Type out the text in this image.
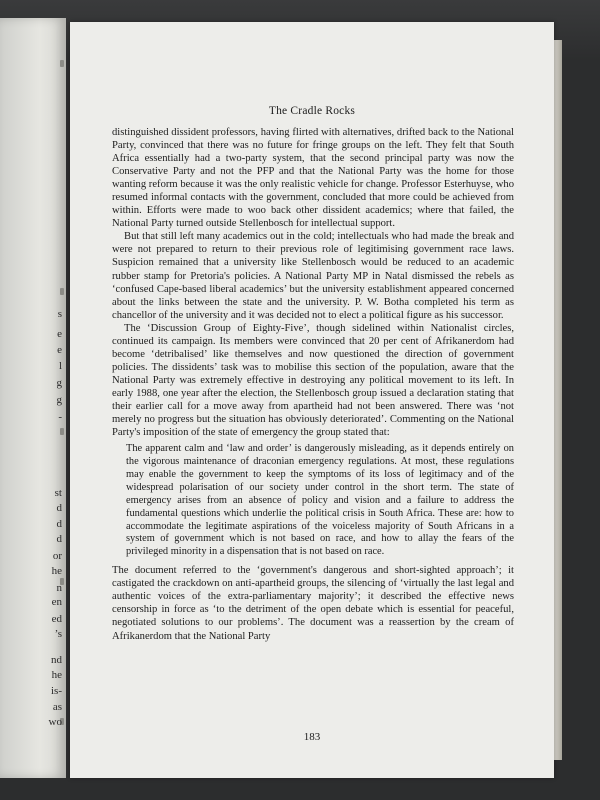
s
e
e
l
g
g
-
st
d
d
d
or
he
n
en
ed
’s
nd
he
is-
as
wo
The Cradle Rocks

distinguished dissident professors, having flirted with alternatives, drifted back to the National Party, convinced that there was no future for fringe groups on the left. They felt that South Africa essentially had a two-party system, that the second principal party was now the Conservative Party and not the PFP and that the National Party was the home for those wanting reform because it was the only realistic vehicle for change. Professor Esterhuyse, who resumed informal contacts with the government, concluded that more could be achieved from within. Efforts were made to woo back other dissident academics; where that failed, the National Party turned outside Stellenbosch for intellectual support.

But that still left many academics out in the cold; intellectuals who had made the break and were not prepared to return to their previous role of legitimising government race laws. Suspicion remained that a university like Stellenbosch would be reduced to an academic rubber stamp for Pretoria's policies. A National Party MP in Natal dismissed the rebels as ‘confused Cape-based liberal academics’ but the university establishment appeared concerned about the links between the state and the university. P. W. Botha completed his term as chancellor of the university and it was decided not to elect a political figure as his successor.

The ‘Discussion Group of Eighty-Five’, though sidelined within Nationalist circles, continued its campaign. Its members were convinced that 20 per cent of Afrikanerdom had become ‘detribalised’ like themselves and now questioned the direction of government policies. The dissidents’ task was to mobilise this section of the population, aware that the National Party was extremely effective in destroying any political movement to its left. In early 1988, one year after the election, the Stellenbosch group issued a declaration stating that their earlier call for a move away from apartheid had not been answered. There was ‘not merely no progress but the situation has obviously deteriorated’. Commenting on the National Party's imposition of the state of emergency the group stated that:

The apparent calm and ‘law and order’ is dangerously misleading, as it depends entirely on the vigorous maintenance of draconian emergency regulations. At most, these regulations may enable the government to keep the symptoms of its loss of legitimacy and of the widespread polarisation of our society under control in the short term. The state of emergency arises from an absence of policy and vision and a failure to address the fundamental questions which underlie the political crisis in South Africa. These are: how to accommodate the legitimate aspirations of the voiceless majority of South Africans in a system of government which is not based on race, and how to allay the fears of the privileged minority in a dispensation that is not based on race.

The document referred to the ‘government's dangerous and short-sighted approach’; it castigated the crackdown on anti-apartheid groups, the silencing of ‘virtually the last legal and authentic voices of the extra-parliamentary majority’; it described the effective news censorship in force as ‘to the detriment of the open debate which is essential for peaceful, negotiated solutions to our problems’. The document was a reassertion by the cream of Afrikanerdom that the National Party

183
